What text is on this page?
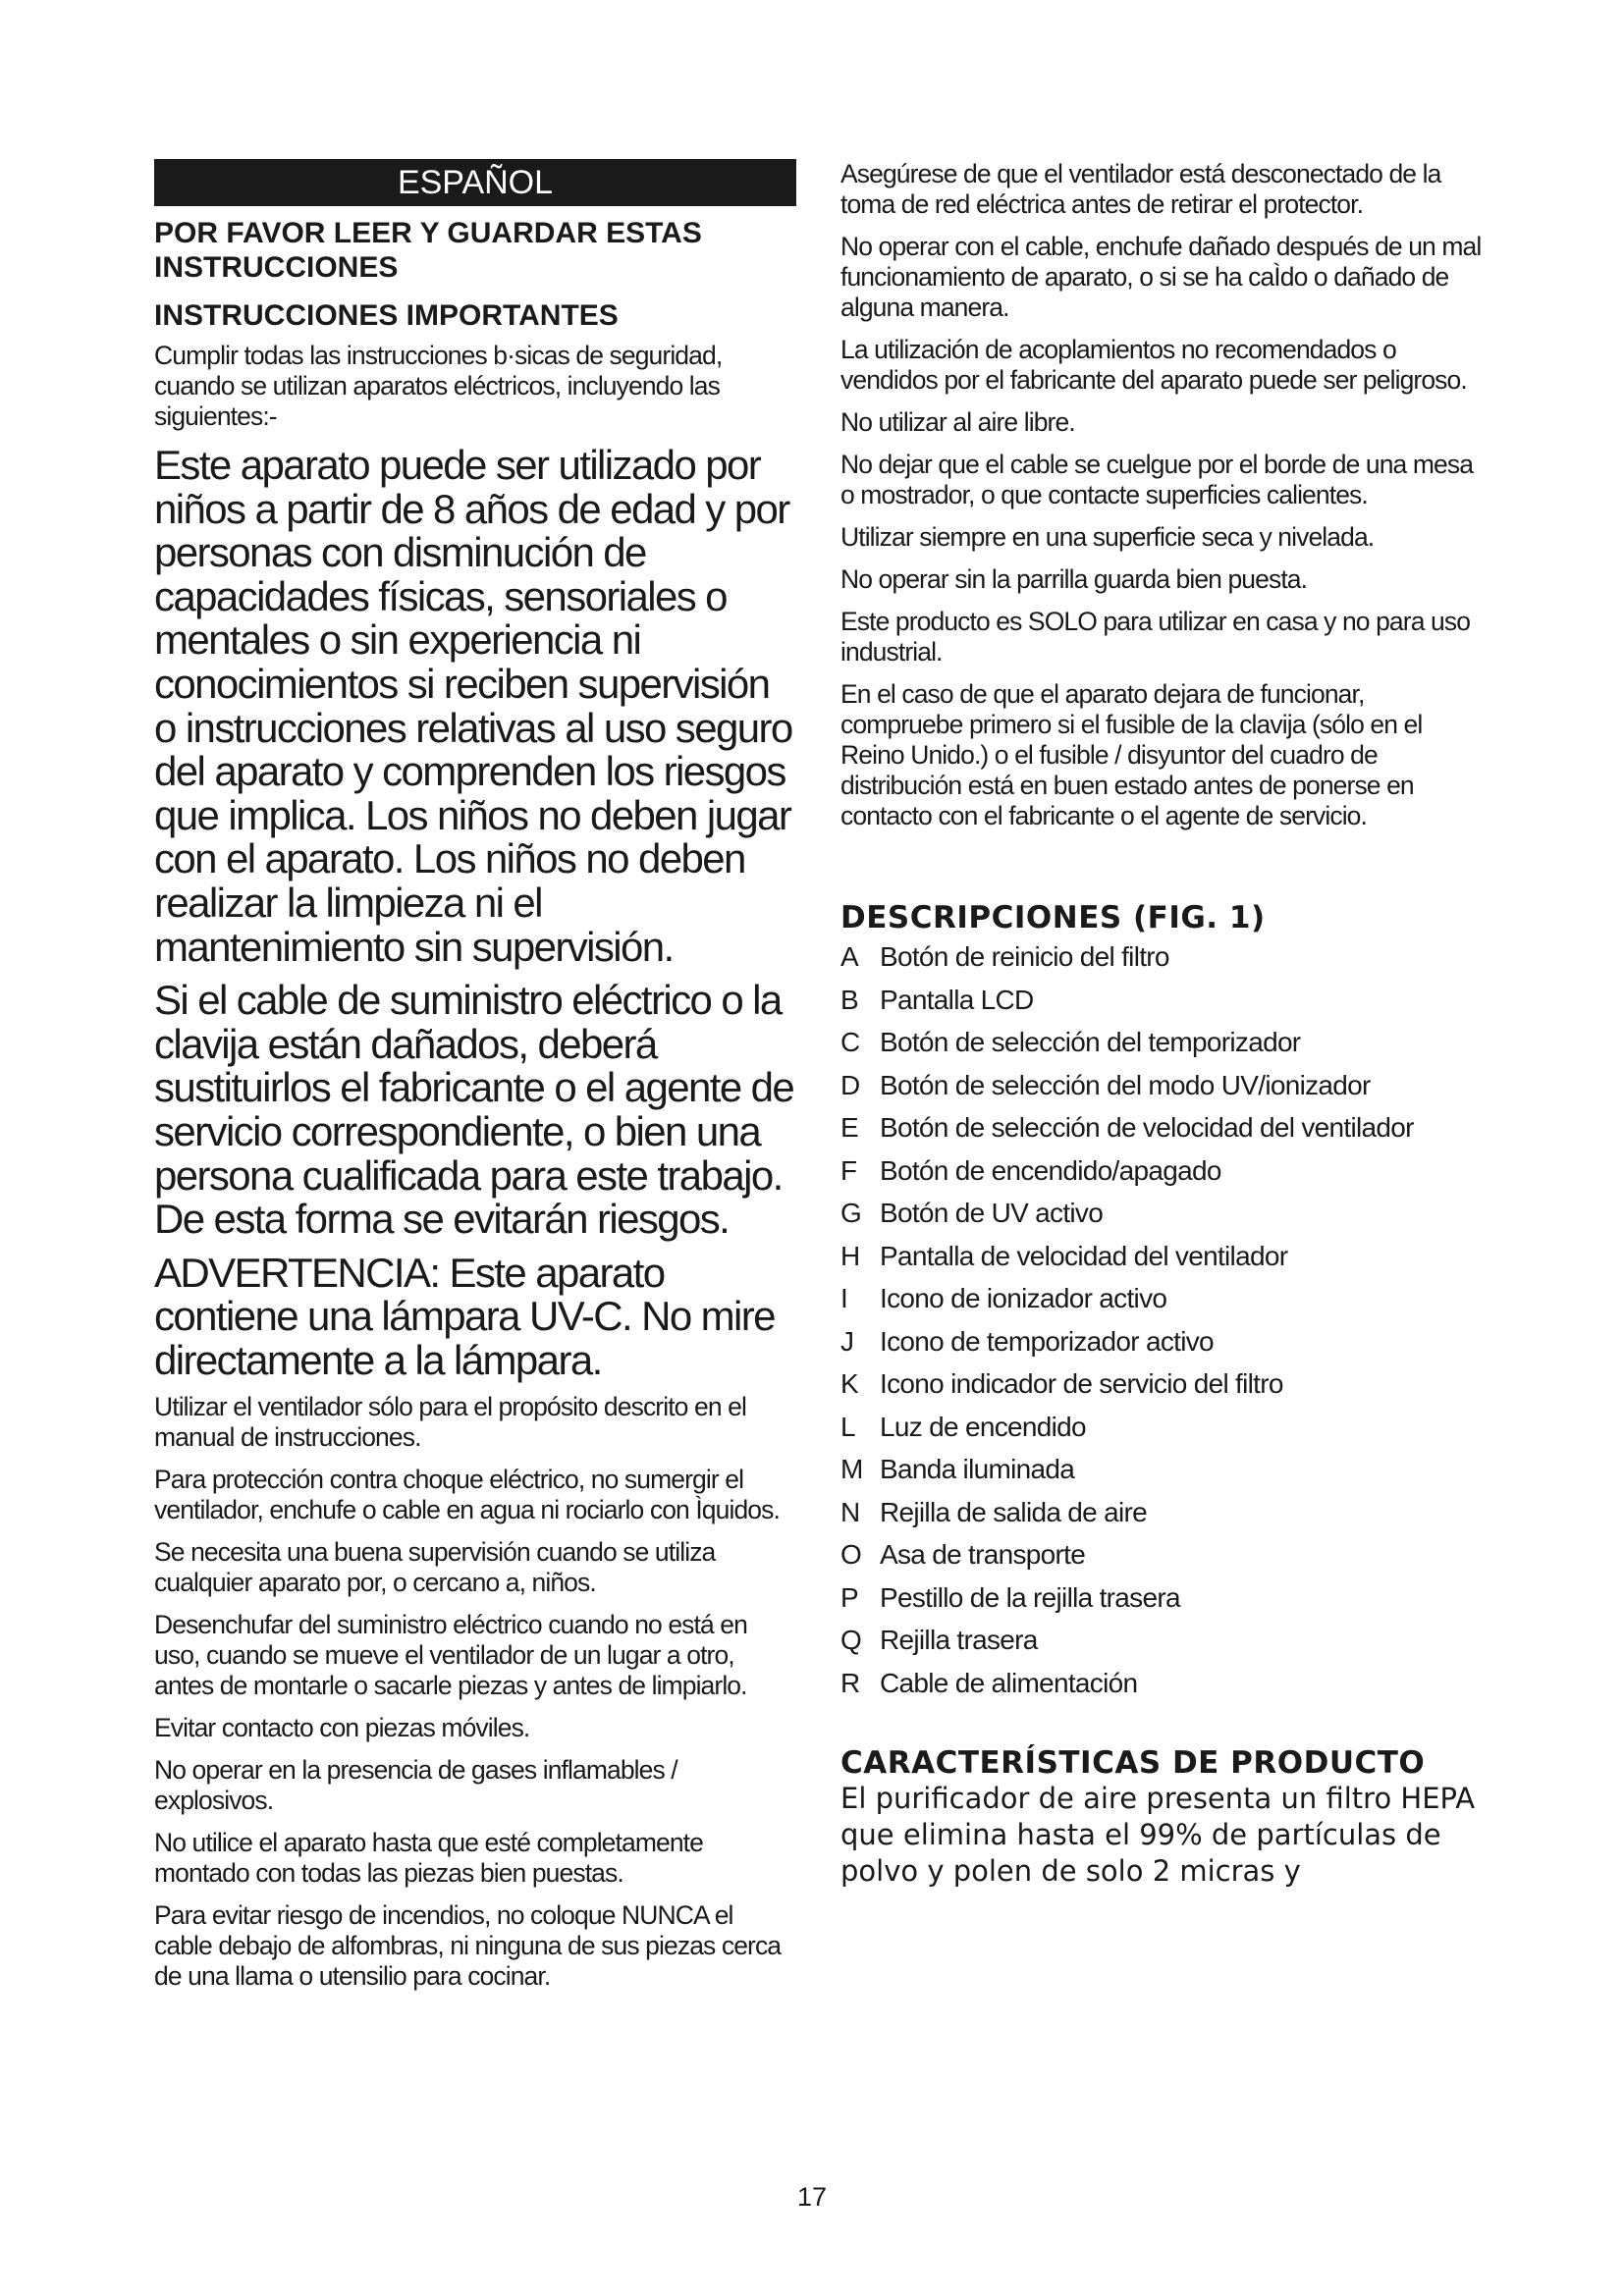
ESPAÑOL
POR FAVOR LEER Y GUARDAR ESTAS INSTRUCCIONES
INSTRUCCIONES IMPORTANTES

Cumplir todas las instrucciones b·sicas de seguridad, cuando se utilizan aparatos eléctricos, incluyendo las siguientes:-

Este aparato puede ser utilizado por niños a partir de 8 años de edad y por personas con disminución de capacidades físicas, sensoriales o mentales o sin experiencia ni conocimientos si reciben supervisión o instrucciones relativas al uso seguro del aparato y comprenden los riesgos que implica. Los niños no deben jugar con el aparato. Los niños no deben realizar la limpieza ni el mantenimiento sin supervisión.

Si el cable de suministro eléctrico o la clavija están dañados, deberá sustituirlos el fabricante o el agente de servicio correspondiente, o bien una persona cualificada para este trabajo. De esta forma se evitarán riesgos.

ADVERTENCIA: Este aparato contiene una lámpara UV-C. No mire directamente a la lámpara.

Utilizar el ventilador sólo para el propósito descrito en el manual de instrucciones.

Para protección contra choque eléctrico, no sumergir el ventilador, enchufe o cable en agua ni rociarlo con Ìquidos.

Se necesita una buena supervisión cuando se utiliza cualquier aparato por, o cercano a, niños.

Desenchufar del suministro eléctrico cuando no está en uso, cuando se mueve el ventilador de un lugar a otro, antes de montarle o sacarle piezas y antes de limpiarlo.

Evitar contacto con piezas móviles.

No operar en la presencia de gases inflamables / explosivos.

No utilice el aparato hasta que esté completamente montado con todas las piezas bien puestas.

Para evitar riesgo de incendios, no coloque NUNCA el cable debajo de alfombras, ni ninguna de sus piezas cerca de una llama o utensilio para cocinar.

Asegúrese de que el ventilador está desconectado de la toma de red eléctrica antes de retirar el protector.

No operar con el cable, enchufe dañado después de un mal funcionamiento de aparato, o si se ha caÌdo o dañado de alguna manera.

La utilización de acoplamientos no recomendados o vendidos por el fabricante del aparato puede ser peligroso.

No utilizar al aire libre.

No dejar que el cable se cuelgue por el borde de una mesa o mostrador, o que contacte superficies calientes.

Utilizar siempre en una superficie seca y nivelada.

No operar sin la parrilla guarda bien puesta.

Este producto es SOLO para utilizar en casa y no para uso industrial.

En el caso de que el aparato dejara de funcionar, compruebe primero si el fusible de la clavija (sólo en el Reino Unido.) o el fusible / disyuntor del cuadro de distribución está en buen estado antes de ponerse en contacto con el fabricante o el agente de servicio.

DESCRIPCIONES (FIG. 1)
A Botón de reinicio del filtro
B Pantalla LCD
C Botón de selección del temporizador
D Botón de selección del modo UV/ionizador
E Botón de selección de velocidad del ventilador
F Botón de encendido/apagado
G Botón de UV activo
H Pantalla de velocidad del ventilador
I Icono de ionizador activo
J Icono de temporizador activo
K Icono indicador de servicio del filtro
L Luz de encendido
M Banda iluminada
N Rejilla de salida de aire
O Asa de transporte
P Pestillo de la rejilla trasera
Q Rejilla trasera
R Cable de alimentación
CARACTERÍSTICAS DE PRODUCTO

El purificador de aire presenta un filtro HEPA que elimina hasta el 99% de partículas de polvo y polen de solo 2 micras y

17
